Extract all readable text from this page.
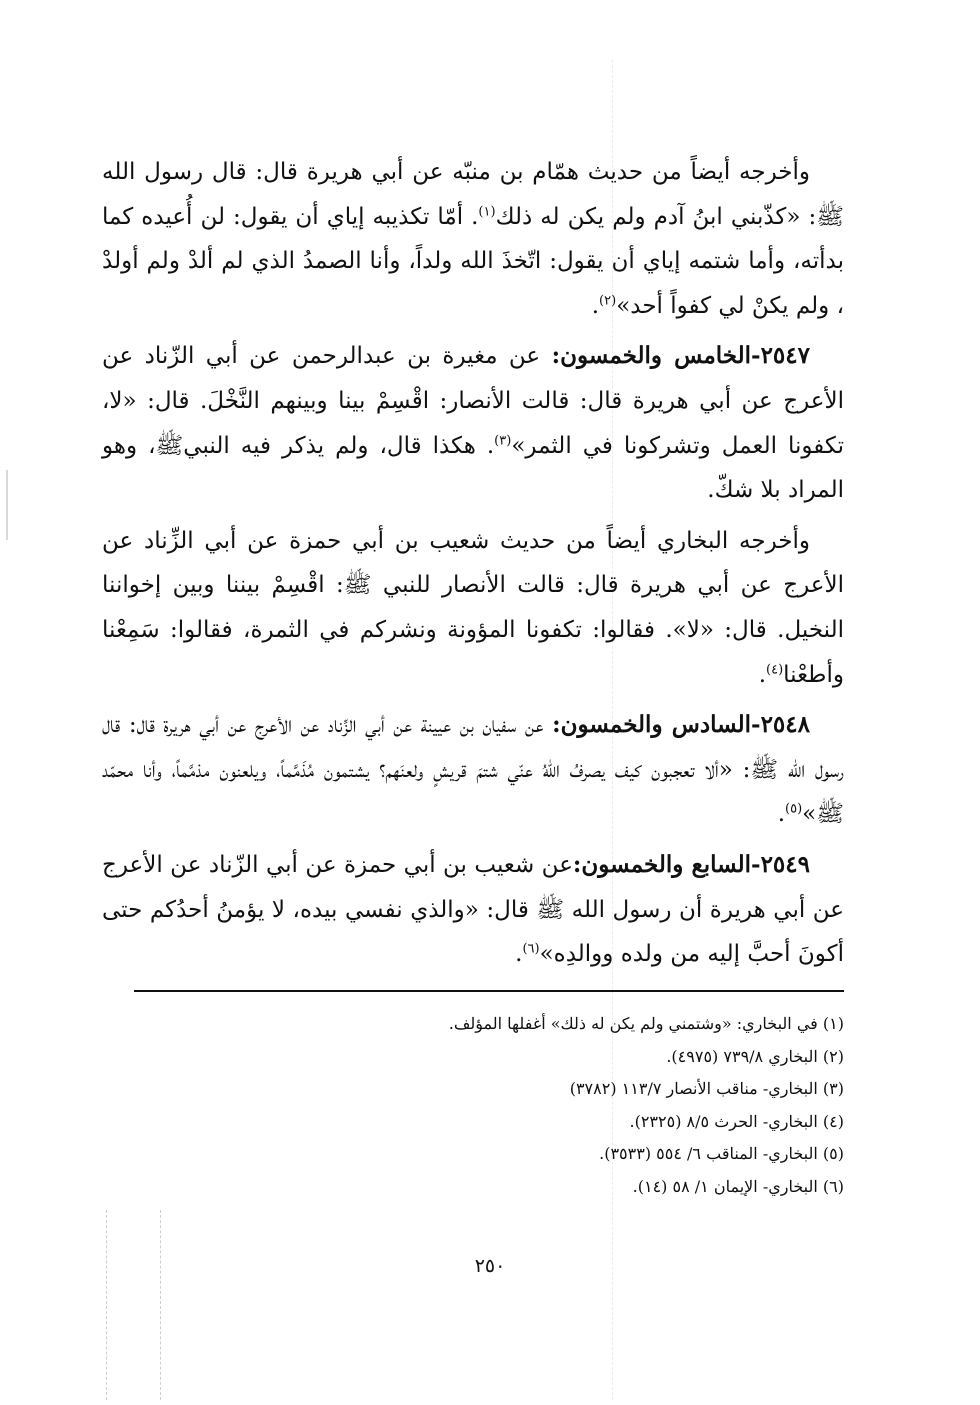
وأخرجه أيضاً من حديث همّام بن منبّه عن أبي هريرة قال: قال رسول الله ﷺ: «كذّبني ابنُ آدم ولم يكن له ذلك$^{(١)}$. أمّا تكذيبه إياي أن يقول: لن أُعيده كما بدأته، وأما شتمه إياي أن يقول: اتّخذَ الله ولداً، وأنا الصمدُ الذي لم ألدْ ولم أولدْ ، ولم يكنْ لي كفواً أحد»$^{(٢)}$.

٢٥٤٧-الخامس والخمسون: عن مغيرة بن عبدالرحمن عن أبي الزّناد عن الأعرج عن أبي هريرة قال: قالت الأنصار: اقْسِمْ بينا وبينهم النَّخْلَ. قال: «لا، تكفونا العمل وتشركونا في الثمر»$^{(٣)}$. هكذا قال، ولم يذكر فيه النبيﷺ، وهو المراد بلا شكّ.

وأخرجه البخاري أيضاً من حديث شعيب بن أبي حمزة عن أبي الزِّناد عن الأعرج عن أبي هريرة قال: قالت الأنصار للنبي ﷺ: اقْسِمْ بيننا وبين إخواننا النخيل. قال: «لا». فقالوا: تكفونا المؤونة ونشركم في الثمرة، فقالوا: سَمِعْنا وأطعْنا$^{(٤)}$.

٢٥٤٨-السادس والخمسون: عن سفيان بن عيينة عن أبي الزِّناد عن الأعرج عن أبي هريرة قال: قال رسول الله ﷺ: «ألا تعجبون كيف يصرفُ اللهُ عنّي شتمَ قريشٍ ولعنَهم؟ يشتمون مُذَمَّماً، ويلعنون مذمَّماً، وأنا محمّد ﷺ»$^{(٥)}$.

٢٥٤٩-السابع والخمسون:عن شعيب بن أبي حمزة عن أبي الزّناد عن الأعرج عن أبي هريرة أن رسول الله ﷺ قال: «والذي نفسي بيده، لا يؤمنُ أحدُكم حتى أكونَ أحبَّ إليه من ولده ووالدِه»$^{(٦)}$.

(١) في البخاري: «وشتمني ولم يكن له ذلك» أغفلها المؤلف.

(٢) البخاري ٧٣٩/٨ (٤٩٧٥).

(٣) البخاري- مناقب الأنصار ١١٣/٧ (٣٧٨٢)

(٤) البخاري- الحرث ٨/٥ (٢٣٢٥).

(٥) البخاري- المناقب ٦/ ٥٥٤ (٣٥٣٣).

(٦) البخاري- الإيمان ١/ ٥٨ (١٤).

٢٥٠
